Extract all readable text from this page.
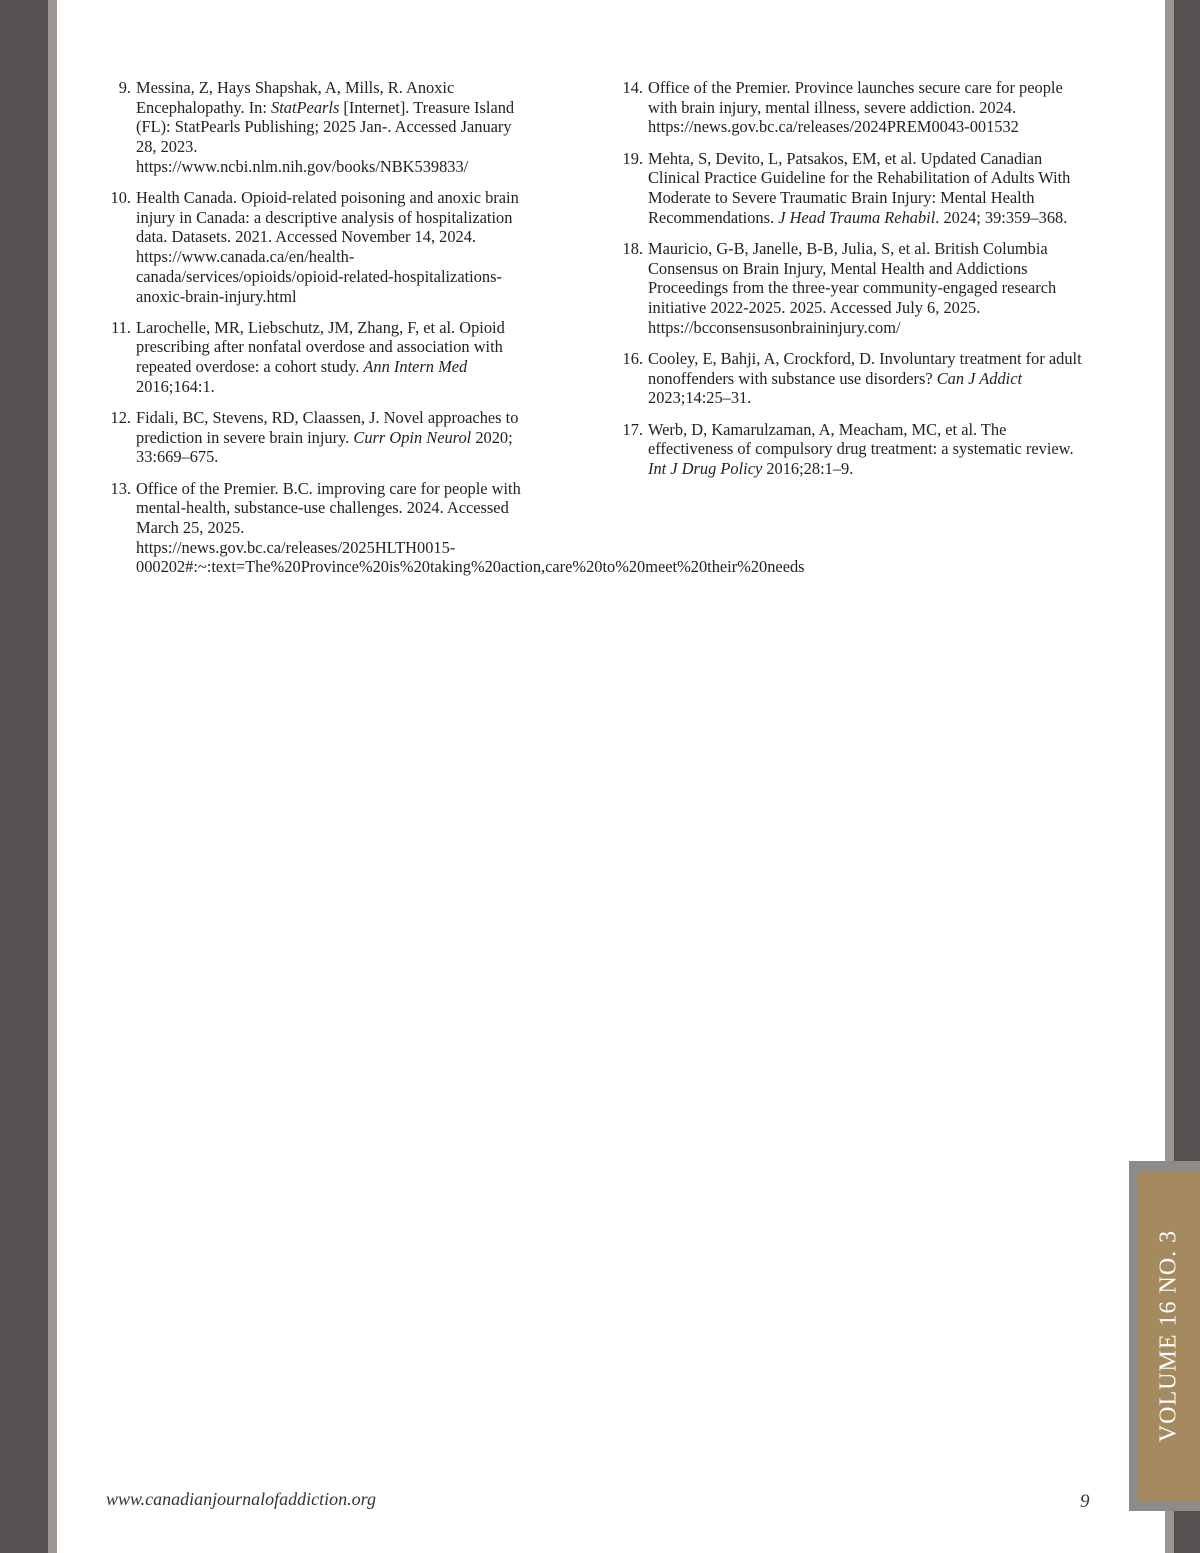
9. Messina, Z, Hays Shapshak, A, Mills, R. Anoxic Encephalopathy. In: StatPearls [Internet]. Treasure Island (FL): StatPearls Publishing; 2025 Jan-. Accessed January 28, 2023. https://www.ncbi.nlm.nih.gov/books/NBK539833/
10. Health Canada. Opioid-related poisoning and anoxic brain injury in Canada: a descriptive analysis of hospitalization data. Datasets. 2021. Accessed November 14, 2024. https://www.canada.ca/en/health-canada/services/opioids/opioid-related-hospitalizations-anoxic-brain-injury.html
11. Larochelle, MR, Liebschutz, JM, Zhang, F, et al. Opioid prescribing after nonfatal overdose and association with repeated overdose: a cohort study. Ann Intern Med 2016;164:1.
12. Fidali, BC, Stevens, RD, Claassen, J. Novel approaches to prediction in severe brain injury. Curr Opin Neurol 2020; 33:669–675.
13. Office of the Premier. B.C. improving care for people with mental-health, substance-use challenges. 2024. Accessed March 25, 2025. https://news.gov.bc.ca/releases/2025HLTH0015-000202#:~:text=The%20Province%20is%20taking%20action,care%20to%20meet%20their%20needs
14. Office of the Premier. Province launches secure care for people with brain injury, mental illness, severe addiction. 2024. https://news.gov.bc.ca/releases/2024PREM0043-001532
19. Mehta, S, Devito, L, Patsakos, EM, et al. Updated Canadian Clinical Practice Guideline for the Rehabilitation of Adults With Moderate to Severe Traumatic Brain Injury: Mental Health Recommendations. J Head Trauma Rehabil. 2024; 39:359–368.
18. Mauricio, G-B, Janelle, B-B, Julia, S, et al. British Columbia Consensus on Brain Injury, Mental Health and Addictions Proceedings from the three-year community-engaged research initiative 2022-2025. 2025. Accessed July 6, 2025. https://bcconsensusonbraininjury.com/
16. Cooley, E, Bahji, A, Crockford, D. Involuntary treatment for adult nonoffenders with substance use disorders? Can J Addict 2023;14:25–31.
17. Werb, D, Kamarulzaman, A, Meacham, MC, et al. The effectiveness of compulsory drug treatment: a systematic review. Int J Drug Policy 2016;28:1–9.
www.canadianjournalofaddiction.org	9
VOLUME 16 NO. 3
